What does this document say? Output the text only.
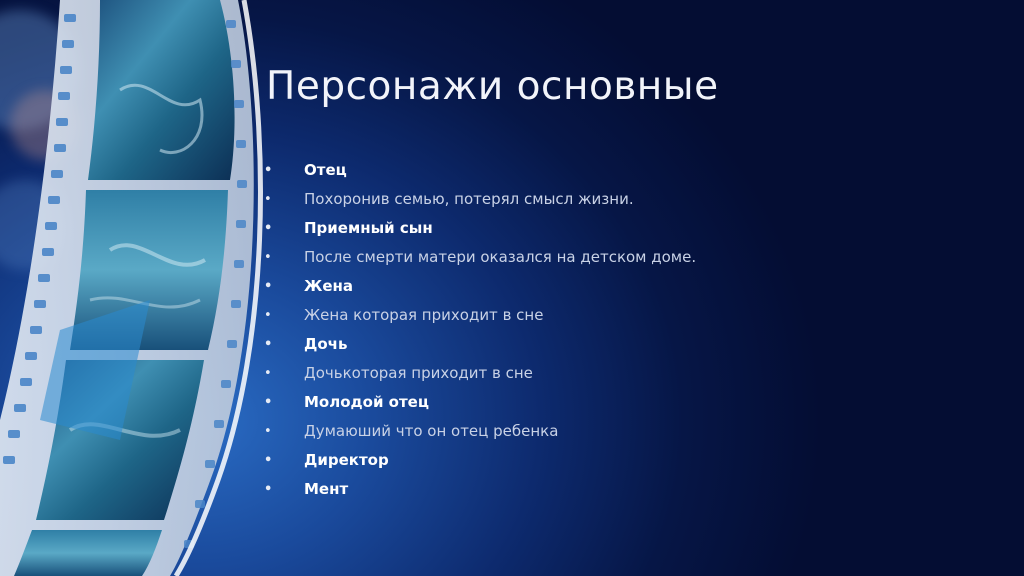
Персонажи основные
• Отец
• Похоронив семью, потерял смысл жизни.
• Приемный сын
• После смерти матери оказался на детском доме.
• Жена
• Жена которая приходит в сне
• Дочь
• Дочькоторая приходит в сне
• Молодой отец
• Думаюший что он отец ребенка
• Директор
• Мент
